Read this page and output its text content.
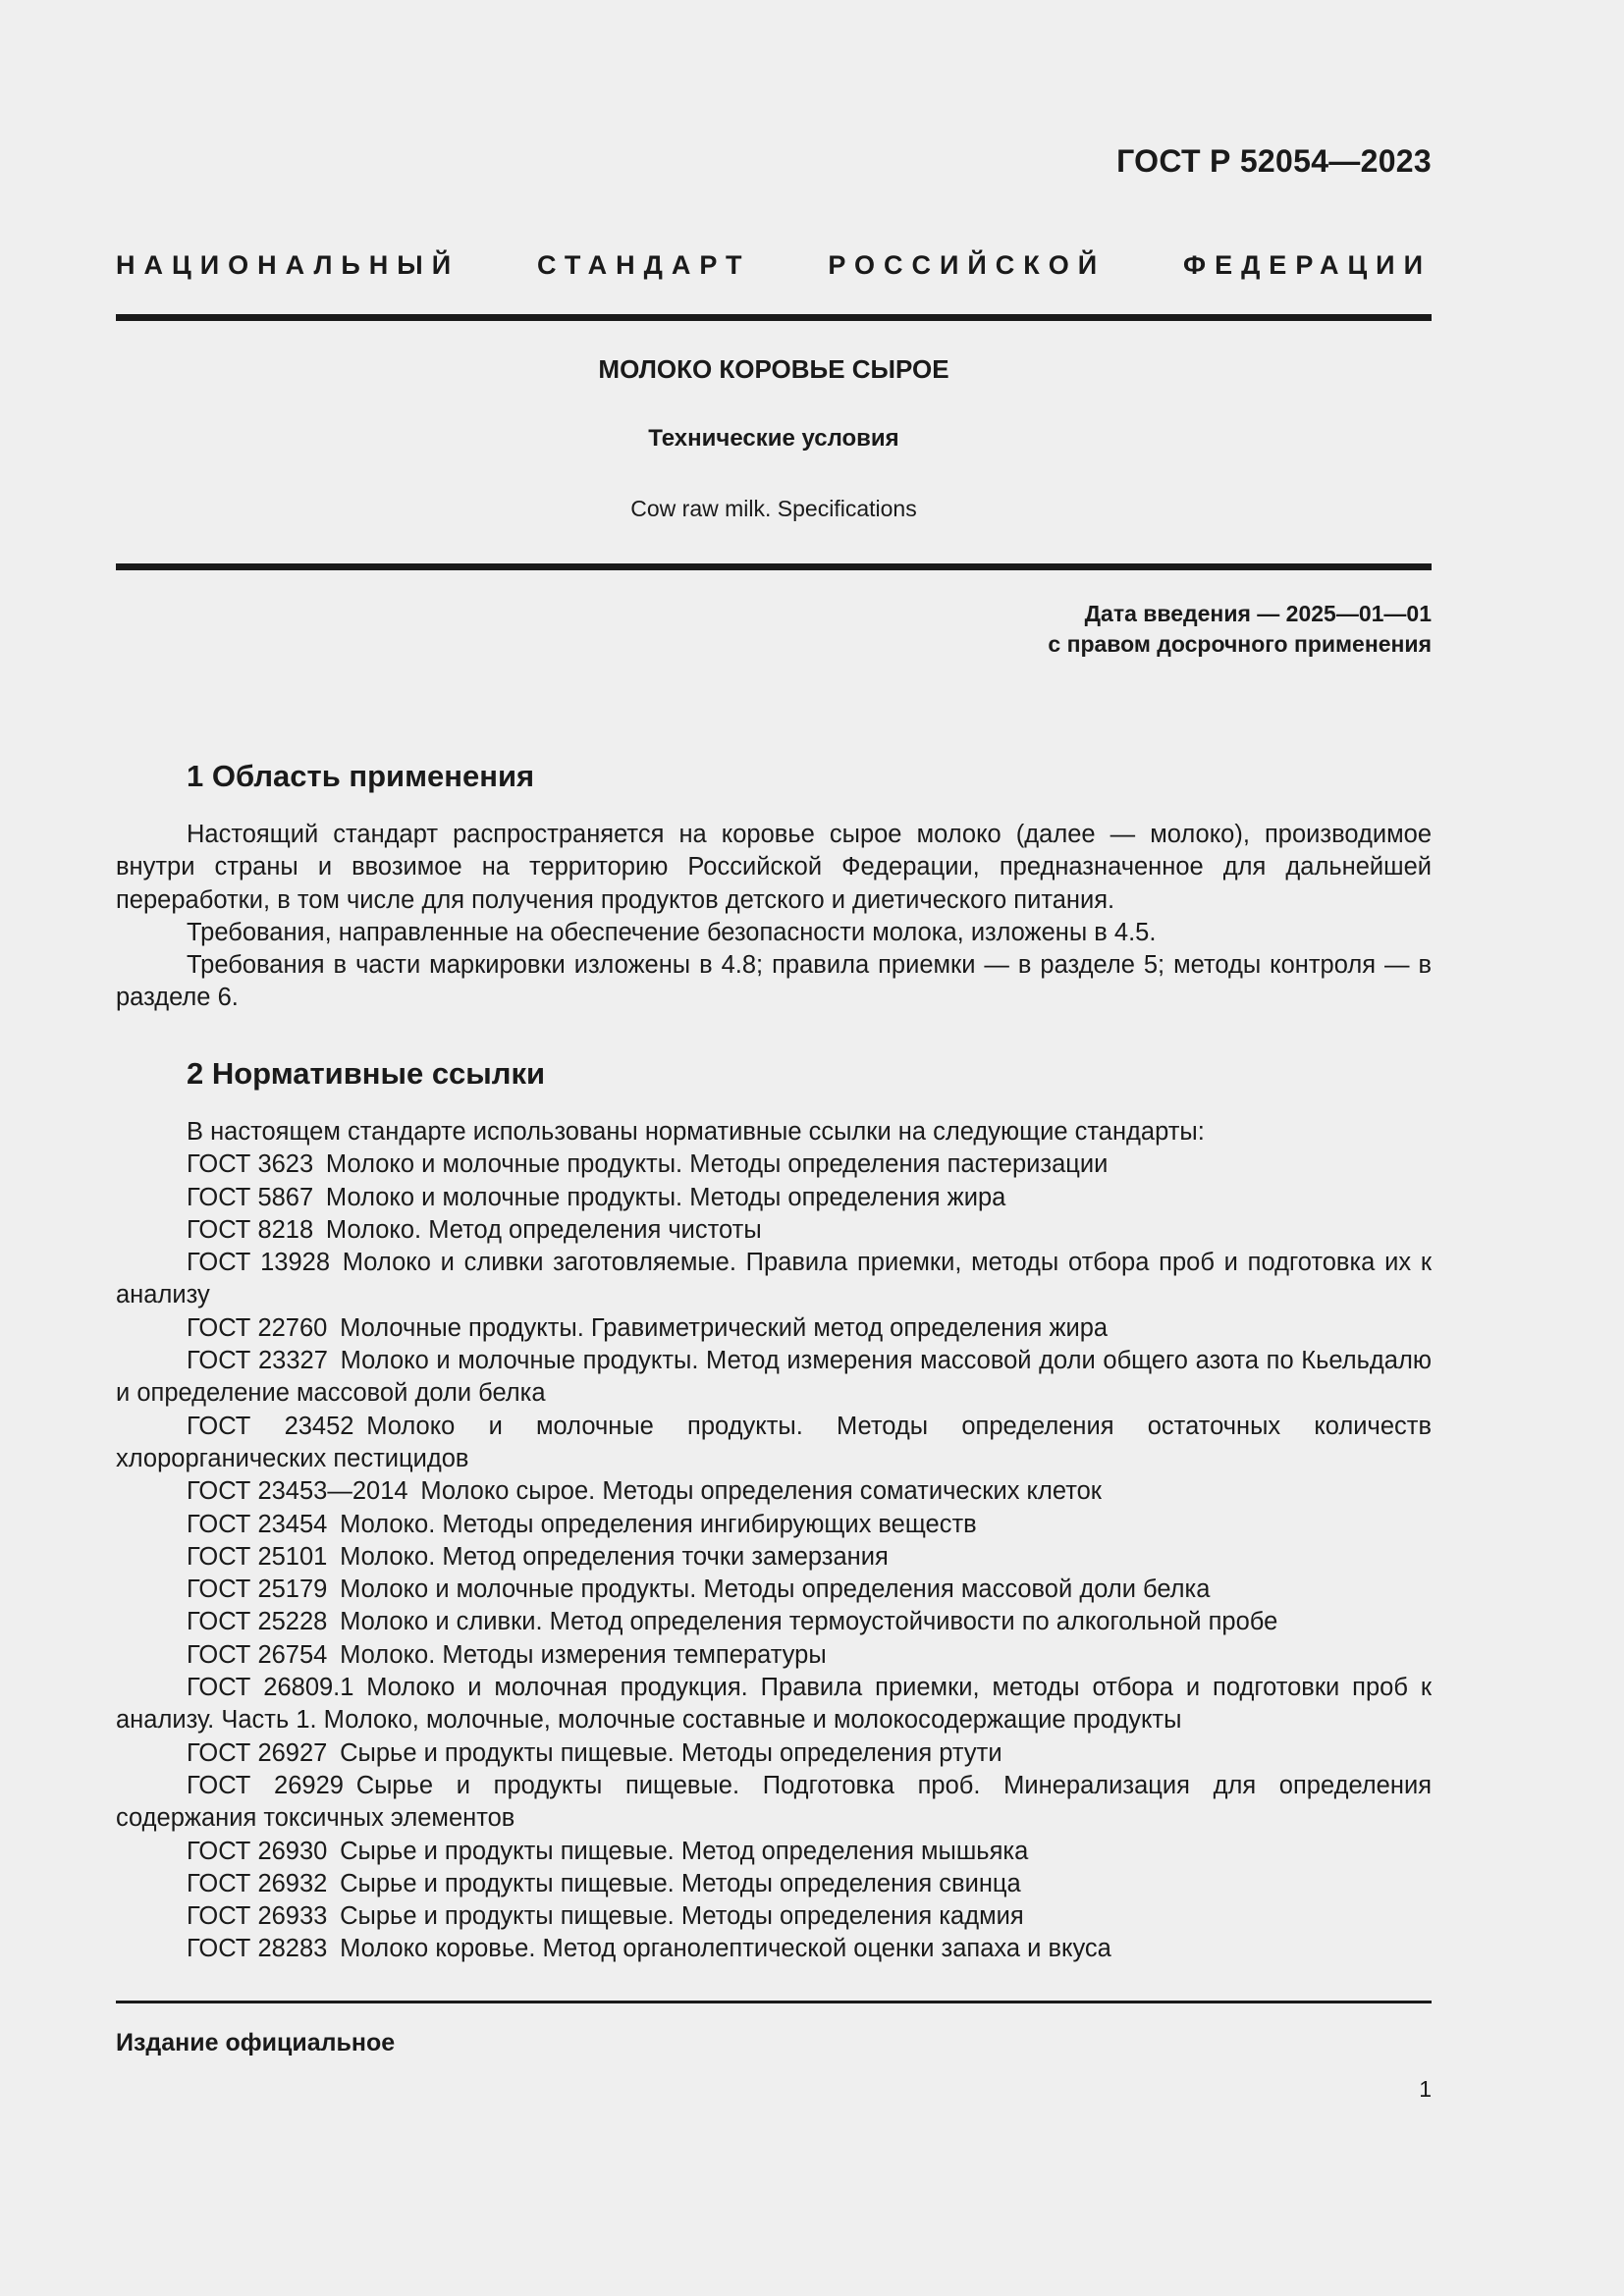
ГОСТ Р 52054—2023
НАЦИОНАЛЬНЫЙ СТАНДАРТ РОССИЙСКОЙ ФЕДЕРАЦИИ
МОЛОКО КОРОВЬЕ СЫРОЕ
Технические условия
Cow raw milk. Specifications
Дата введения — 2025—01—01
с правом досрочного применения
1 Область применения

Настоящий стандарт распространяется на коровье сырое молоко (далее — молоко), производимое внутри страны и ввозимое на территорию Российской Федерации, предназначенное для дальнейшей переработки, в том числе для получения продуктов детского и диетического питания.

Требования, направленные на обеспечение безопасности молока, изложены в 4.5.

Требования в части маркировки изложены в 4.8; правила приемки — в разделе 5; методы контроля — в разделе 6.

2 Нормативные ссылки

В настоящем стандарте использованы нормативные ссылки на следующие стандарты:

ГОСТ 3623  Молоко и молочные продукты. Методы определения пастеризации

ГОСТ 5867  Молоко и молочные продукты. Методы определения жира

ГОСТ 8218  Молоко. Метод определения чистоты

ГОСТ 13928  Молоко и сливки заготовляемые. Правила приемки, методы отбора проб и подготовка их к анализу

ГОСТ 22760  Молочные продукты. Гравиметрический метод определения жира

ГОСТ 23327  Молоко и молочные продукты. Метод измерения массовой доли общего азота по Кьельдалю и определение массовой доли белка

ГОСТ 23452  Молоко и молочные продукты. Методы определения остаточных количеств хлорорганических пестицидов

ГОСТ 23453—2014  Молоко сырое. Методы определения соматических клеток

ГОСТ 23454  Молоко. Методы определения ингибирующих веществ

ГОСТ 25101  Молоко. Метод определения точки замерзания

ГОСТ 25179  Молоко и молочные продукты. Методы определения массовой доли белка

ГОСТ 25228  Молоко и сливки. Метод определения термоустойчивости по алкогольной пробе

ГОСТ 26754  Молоко. Методы измерения температуры

ГОСТ 26809.1  Молоко и молочная продукция. Правила приемки, методы отбора и подготовки проб к анализу. Часть 1. Молоко, молочные, молочные составные и молокосодержащие продукты

ГОСТ 26927  Сырье и продукты пищевые. Методы определения ртути

ГОСТ 26929  Сырье и продукты пищевые. Подготовка проб. Минерализация для определения содержания токсичных элементов

ГОСТ 26930  Сырье и продукты пищевые. Метод определения мышьяка

ГОСТ 26932  Сырье и продукты пищевые. Методы определения свинца

ГОСТ 26933  Сырье и продукты пищевые. Методы определения кадмия

ГОСТ 28283  Молоко коровье. Метод органолептической оценки запаха и вкуса

Издание официальное
1
